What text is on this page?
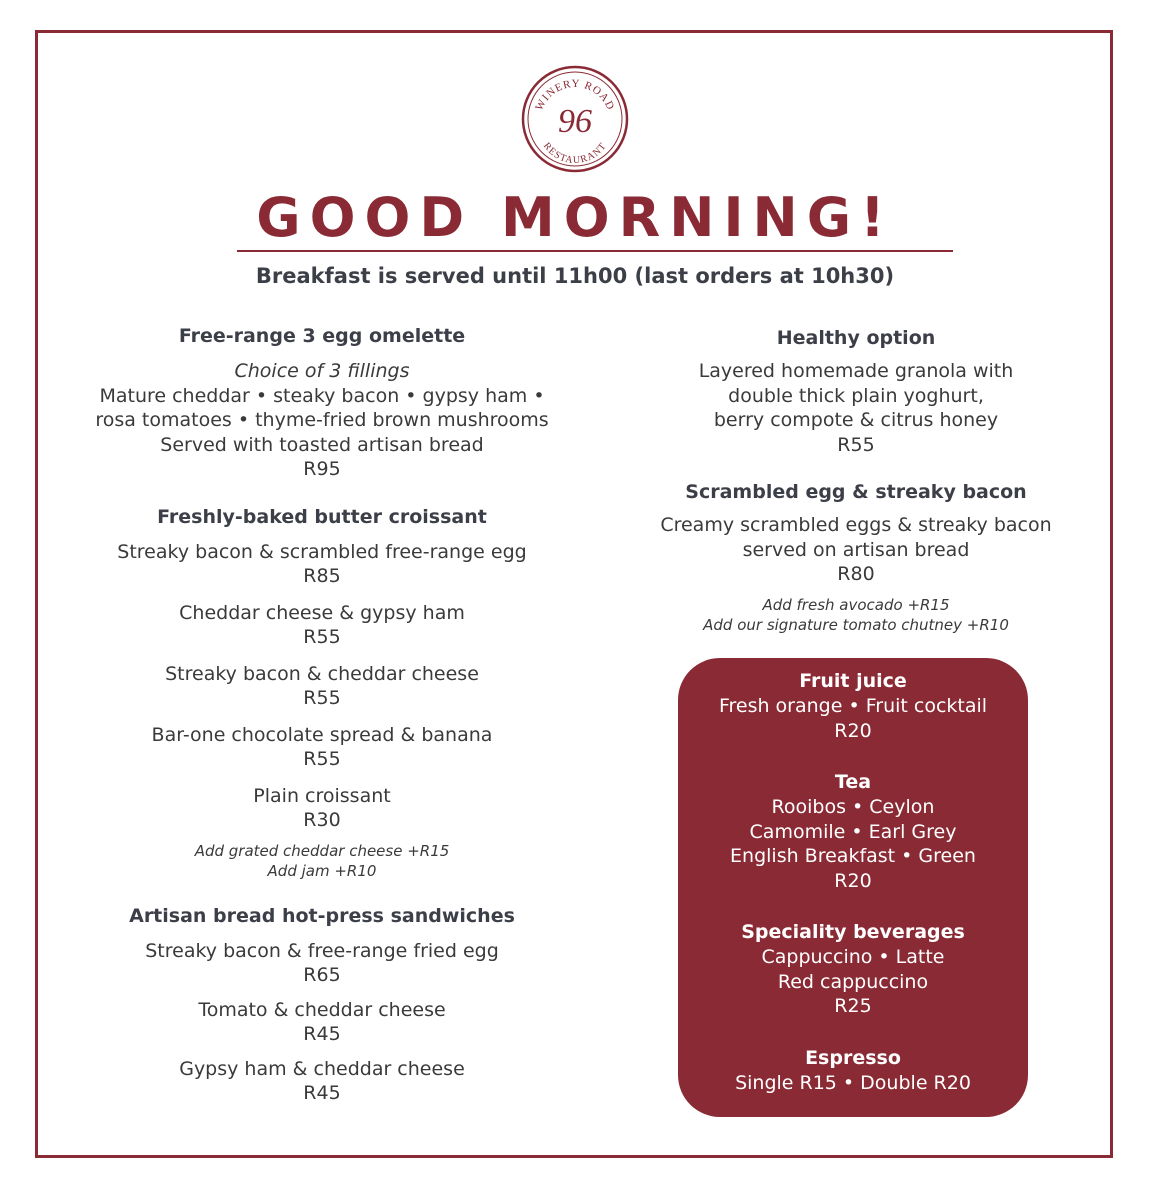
WINERY ROAD
RESTAURANT
96
GOOD MORNING!
Breakfast is served until 11h00 (last orders at 10h30)

Free-range 3 egg omelette

Choice of 3 fillings

Mature cheddar • steaky bacon • gypsy ham •

rosa tomatoes • thyme-fried brown mushrooms

Served with toasted artisan bread

R95

Freshly-baked butter croissant

Streaky bacon & scrambled free-range egg

R85

Cheddar cheese & gypsy ham

R55

Streaky bacon & cheddar cheese

R55

Bar-one chocolate spread & banana

R55

Plain croissant

R30

Add grated cheddar cheese +R15

Add jam +R10

Artisan bread hot-press sandwiches

Streaky bacon & free-range fried egg

R65

Tomato & cheddar cheese

R45

Gypsy ham & cheddar cheese

R45

Healthy option

Layered homemade granola with

double thick plain yoghurt,

berry compote & citrus honey

R55

Scrambled egg & streaky bacon

Creamy scrambled eggs & streaky bacon

served on artisan bread

R80

Add fresh avocado +R15

Add our signature tomato chutney +R10

Fruit juice

Fresh orange • Fruit cocktail

R20

Tea

Rooibos • Ceylon

Camomile • Earl Grey

English Breakfast • Green

R20

Speciality beverages

Cappuccino • Latte

Red cappuccino

R25

Espresso

Single R15 • Double R20
